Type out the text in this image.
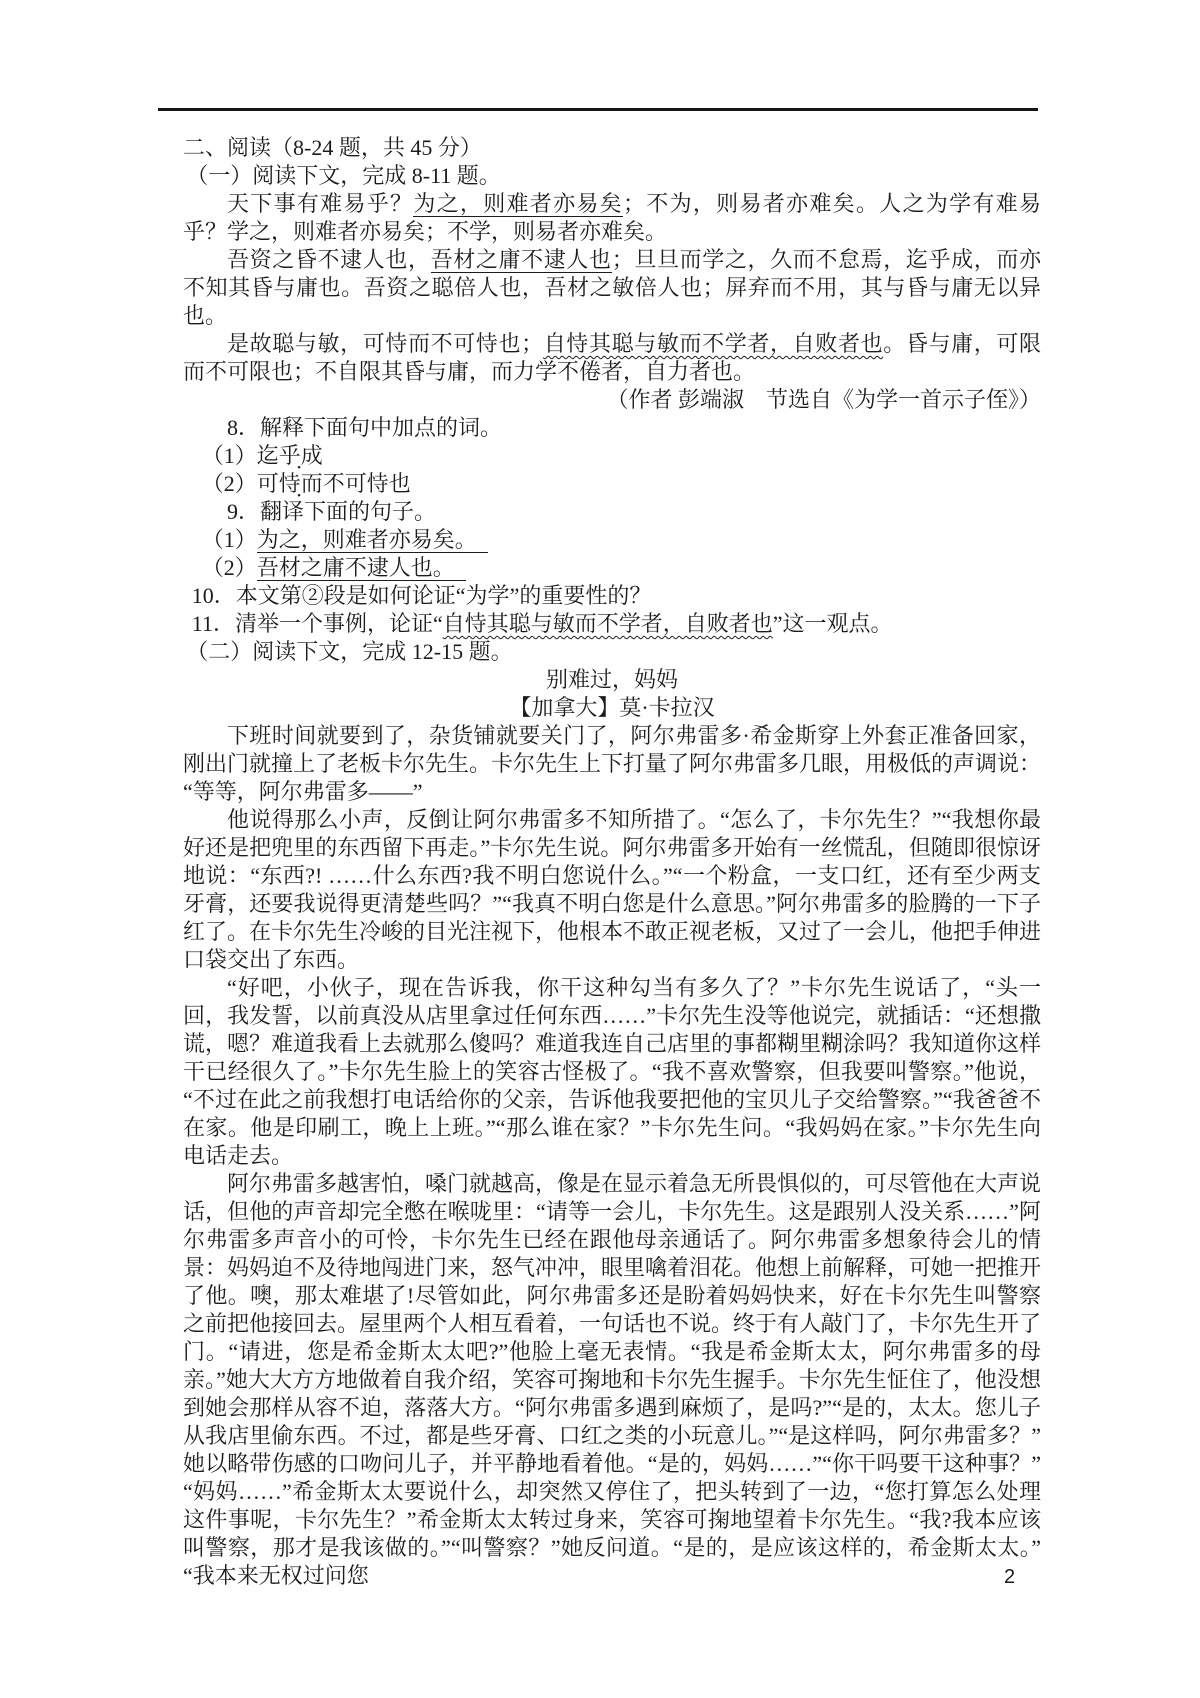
二、阅读（8-24 题，共 45 分）

（一）阅读下文，完成 8-11 题。

天下事有难易乎？为之，则难者亦易矣；不为，则易者亦难矣。人之为学有难易乎？学之，则难者亦易矣；不学，则易者亦难矣。

吾资之昏不逮人也，吾材之庸不逮人也；旦旦而学之，久而不怠焉，迄乎成，而亦不知其昏与庸也。吾资之聪倍人也，吾材之敏倍人也；屏弃而不用，其与昏与庸无以异也。

是故聪与敏，可恃而不可恃也；自恃其聪与敏而不学者，自败者也。昏与庸，可限而不可限也；不自限其昏与庸，而力学不倦者，自力者也。

（作者 彭端淑　节选自《为学一首示子侄》）

8．解释下面句中加点的词。

（1）迄乎成

（2）可恃而不可恃也

9．翻译下面的句子。

（1）为之，则难者亦易矣。　

（2）吾材之庸不逮人也。　

10．本文第②段是如何论证“为学”的重要性的？

11．清举一个事例，论证“自恃其聪与敏而不学者，自败者也”这一观点。

（二）阅读下文，完成 12-15 题。

别难过，妈妈

【加拿大】莫·卡拉汉

下班时间就要到了，杂货铺就要关门了，阿尔弗雷多·希金斯穿上外套正准备回家，刚出门就撞上了老板卡尔先生。卡尔先生上下打量了阿尔弗雷多几眼，用极低的声调说：“等等，阿尔弗雷多——”

他说得那么小声，反倒让阿尔弗雷多不知所措了。“怎么了，卡尔先生？”“我想你最好还是把兜里的东西留下再走。”卡尔先生说。阿尔弗雷多开始有一丝慌乱，但随即很惊讶地说：“东西?! ……什么东西?我不明白您说什么。”“一个粉盒，一支口红，还有至少两支牙膏，还要我说得更清楚些吗？”“我真不明白您是什么意思。”阿尔弗雷多的脸腾的一下子红了。在卡尔先生冷峻的目光注视下，他根本不敢正视老板，又过了一会儿，他把手伸进口袋交出了东西。

“好吧，小伙子，现在告诉我，你干这种勾当有多久了？”卡尔先生说话了，“头一回，我发誓，以前真没从店里拿过任何东西……”卡尔先生没等他说完，就插话：“还想撒谎，嗯？难道我看上去就那么傻吗？难道我连自己店里的事都糊里糊涂吗？我知道你这样干已经很久了。”卡尔先生脸上的笑容古怪极了。“我不喜欢警察，但我要叫警察。”他说，“不过在此之前我想打电话给你的父亲，告诉他我要把他的宝贝儿子交给警察。”“我爸爸不在家。他是印刷工，晚上上班。”“那么谁在家？”卡尔先生问。“我妈妈在家。”卡尔先生向电话走去。

阿尔弗雷多越害怕，嗓门就越高，像是在显示着急无所畏惧似的，可尽管他在大声说话，但他的声音却完全憋在喉咙里：“请等一会儿，卡尔先生。这是跟别人没关系……”阿尔弗雷多声音小的可怜，卡尔先生已经在跟他母亲通话了。阿尔弗雷多想象待会儿的情景：妈妈迫不及待地闯进门来，怒气冲冲，眼里噙着泪花。他想上前解释，可她一把推开了他。噢，那太难堪了!尽管如此，阿尔弗雷多还是盼着妈妈快来，好在卡尔先生叫警察之前把他接回去。屋里两个人相互看着，一句话也不说。终于有人敲门了，卡尔先生开了门。“请进，您是希金斯太太吧?”他脸上毫无表情。“我是希金斯太太，阿尔弗雷多的母亲。”她大大方方地做着自我介绍，笑容可掬地和卡尔先生握手。卡尔先生怔住了，他没想到她会那样从容不迫，落落大方。“阿尔弗雷多遇到麻烦了，是吗?”“是的，太太。您儿子从我店里偷东西。不过，都是些牙膏、口红之类的小玩意儿。”“是这样吗，阿尔弗雷多？”她以略带伤感的口吻问儿子，并平静地看着他。“是的，妈妈……”“你干吗要干这种事？”“妈妈……”希金斯太太要说什么，却突然又停住了，把头转到了一边，“您打算怎么处理这件事呢，卡尔先生？”希金斯太太转过身来，笑容可掬地望着卡尔先生。“我?我本应该叫警察，那才是我该做的。”“叫警察？”她反问道。“是的，是应该这样的，希金斯太太。”“我本来无权过问您	2
